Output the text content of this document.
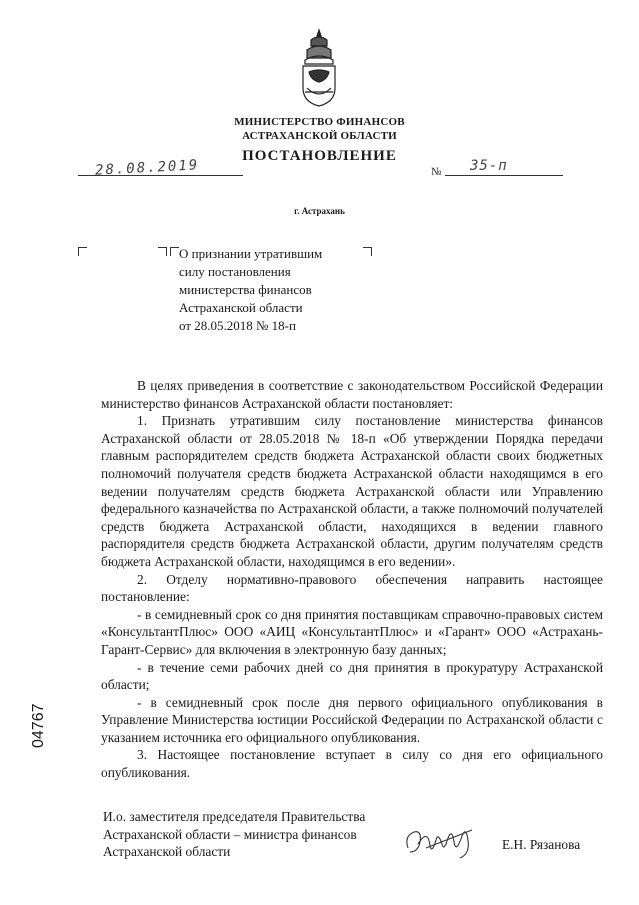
МИНИСТЕРСТВО ФИНАНСОВ
АСТРАХАНСКОЙ ОБЛАСТИ
ПОСТАНОВЛЕНИЕ
28.08.2019	№ 35-п
г. Астрахань
О признании утратившим
силу постановления
министерства финансов
Астраханской области
от 28.05.2018 № 18-п

В целях приведения в соответствие с законодательством Российской Федерации министерство финансов Астраханской области постановляет:

1. Признать утратившим силу постановление министерства финансов Астраханской области от 28.05.2018 № 18-п «Об утверждении Порядка передачи главным распорядителем средств бюджета Астраханской области своих бюджетных полномочий получателя средств бюджета Астраханской области находящимся в его ведении получателям средств бюджета Астраханской области или Управлению федерального казначейства по Астраханской области, а также полномочий получателей средств бюджета Астраханской области, находящихся в ведении главного распорядителя средств бюджета Астраханской области, другим получателям средств бюджета Астраханской области, находящимся в его ведении».

2. Отделу нормативно-правового обеспечения направить настоящее постановление:

- в семидневный срок со дня принятия поставщикам справочно-правовых систем «КонсультантПлюс» ООО «АИЦ «КонсультантПлюс» и «Гарант» ООО «Астрахань-Гарант-Сервис» для включения в электронную базу данных;

- в течение семи рабочих дней со дня принятия в прокуратуру Астраханской области;

- в семидневный срок после дня первого официального опубликования в Управление Министерства юстиции Российской Федерации по Астраханской области с указанием источника его официального опубликования.

3. Настоящее постановление вступает в силу со дня его официального опубликования.

И.о. заместителя председателя Правительства
Астраханской области – министра финансов
Астраханской области	Е.Н. Рязанова
04767
